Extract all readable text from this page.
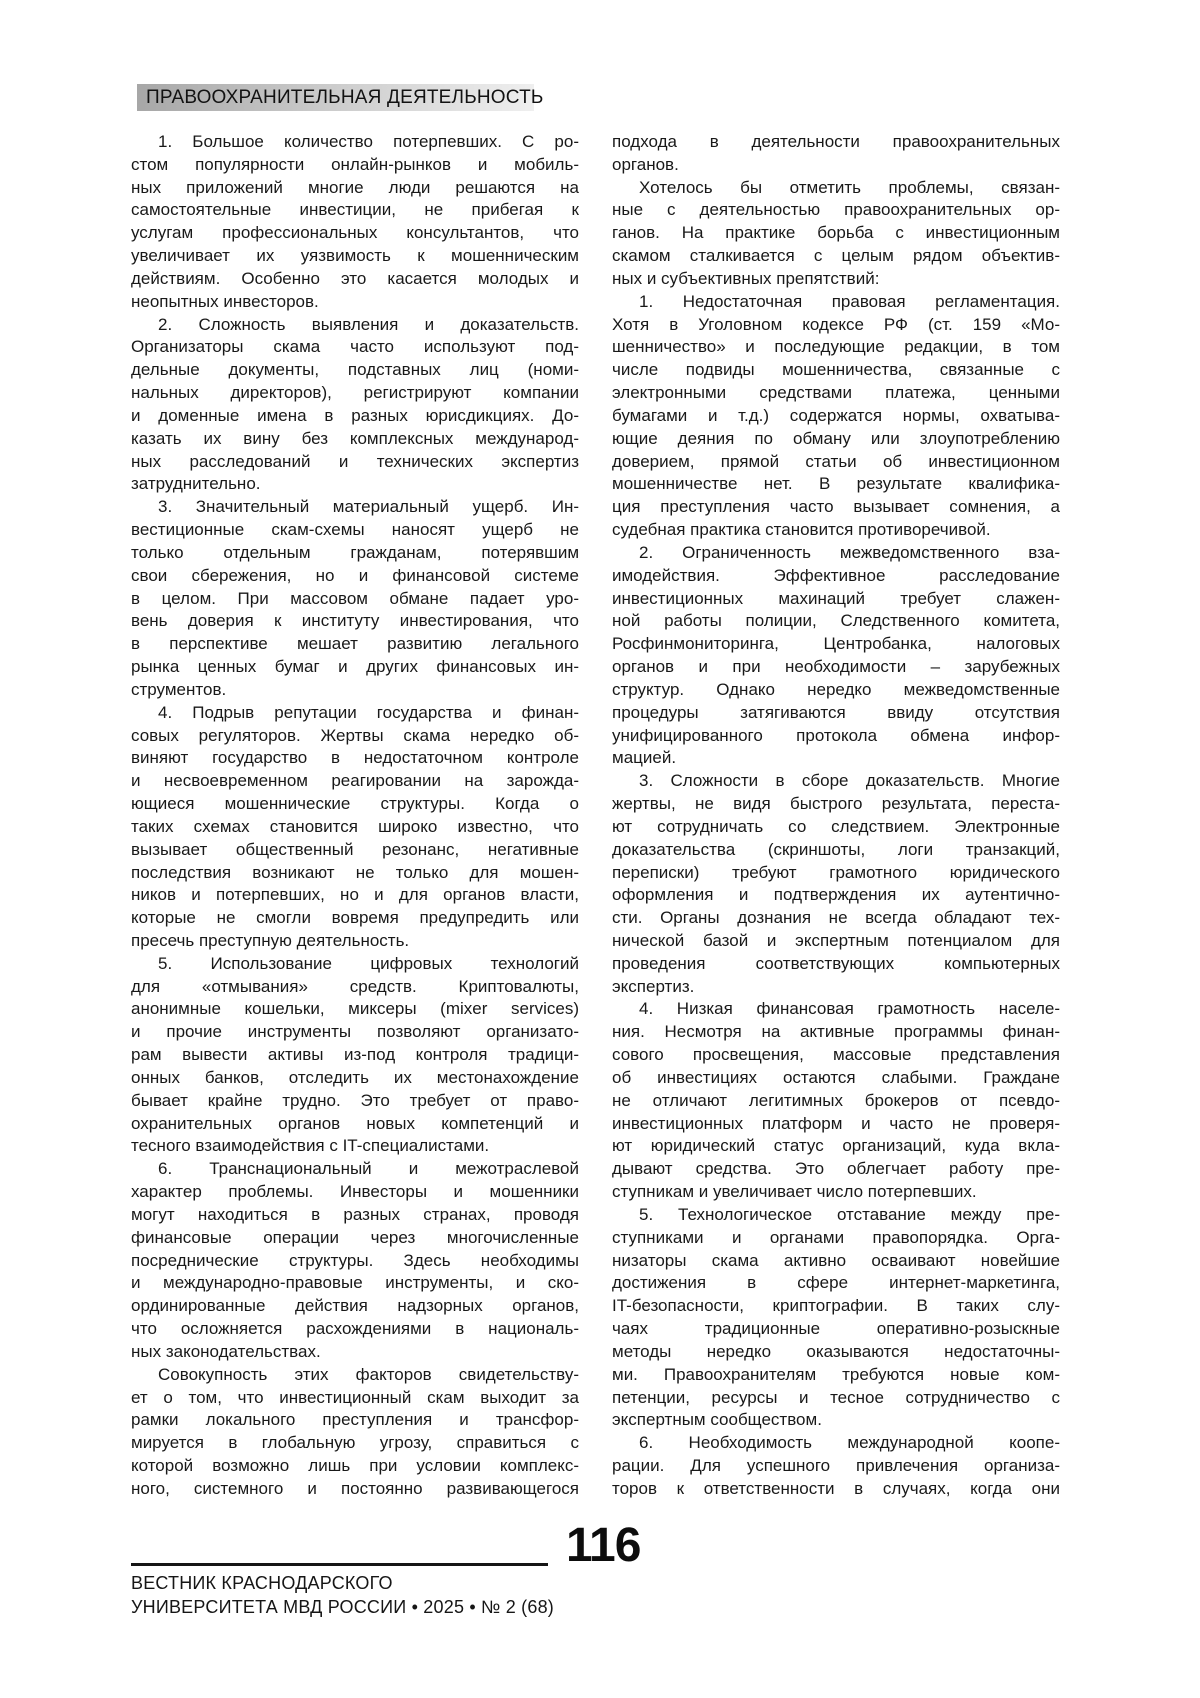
ПРАВООХРАНИТЕЛЬНАЯ ДЕЯТЕЛЬНОСТЬ
1. Большое количество потерпевших. С ро-
стом популярности онлайн-рынков и мобиль-
ных приложений многие люди решаются на
самостоятельные инвестиции, не прибегая к
услугам профессиональных консультантов, что
увеличивает их уязвимость к мошенническим
действиям. Особенно это касается молодых и
неопытных инвесторов.
2. Сложность выявления и доказательств.
Организаторы скама часто используют под-
дельные документы, подставных лиц (номи-
нальных директоров), регистрируют компании
и доменные имена в разных юрисдикциях. До-
казать их вину без комплексных международ-
ных расследований и технических экспертиз
затруднительно.
3. Значительный материальный ущерб. Ин-
вестиционные скам-схемы наносят ущерб не
только отдельным гражданам, потерявшим
свои сбережения, но и финансовой системе
в целом. При массовом обмане падает уро-
вень доверия к институту инвестирования, что
в перспективе мешает развитию легального
рынка ценных бумаг и других финансовых ин-
струментов.
4. Подрыв репутации государства и финан-
совых регуляторов. Жертвы скама нередко об-
виняют государство в недостаточном контроле
и несвоевременном реагировании на зарожда-
ющиеся мошеннические структуры. Когда о
таких схемах становится широко известно, что
вызывает общественный резонанс, негативные
последствия возникают не только для мошен-
ников и потерпевших, но и для органов власти,
которые не смогли вовремя предупредить или
пресечь преступную деятельность.
5. Использование цифровых технологий
для «отмывания» средств. Криптовалюты,
анонимные кошельки, миксеры (mixer services)
и прочие инструменты позволяют организато-
рам вывести активы из-под контроля традици-
онных банков, отследить их местонахождение
бывает крайне трудно. Это требует от право-
охранительных органов новых компетенций и
тесного взаимодействия с IT-специалистами.
6. Транснациональный и межотраслевой
характер проблемы. Инвесторы и мошенники
могут находиться в разных странах, проводя
финансовые операции через многочисленные
посреднические структуры. Здесь необходимы
и международно-правовые инструменты, и ско-
ординированные действия надзорных органов,
что осложняется расхождениями в националь-
ных законодательствах.
Совокупность этих факторов свидетельству-
ет о том, что инвестиционный скам выходит за
рамки локального преступления и трансфор-
мируется в глобальную угрозу, справиться с
которой возможно лишь при условии комплекс-
ного, системного и постоянно развивающегося
подхода в деятельности правоохранительных
органов.
Хотелось бы отметить проблемы, связан-
ные с деятельностью правоохранительных ор-
ганов. На практике борьба с инвестиционным
скамом сталкивается с целым рядом объектив-
ных и субъективных препятствий:
1. Недостаточная правовая регламентация.
Хотя в Уголовном кодексе РФ (ст. 159 «Мо-
шенничество» и последующие редакции, в том
числе подвиды мошенничества, связанные с
электронными средствами платежа, ценными
бумагами и т.д.) содержатся нормы, охватыва-
ющие деяния по обману или злоупотреблению
доверием, прямой статьи об инвестиционном
мошенничестве нет. В результате квалифика-
ция преступления часто вызывает сомнения, а
судебная практика становится противоречивой.
2. Ограниченность межведомственного вза-
имодействия. Эффективное расследование
инвестиционных махинаций требует слажен-
ной работы полиции, Следственного комитета,
Росфинмониторинга, Центробанка, налоговых
органов и при необходимости – зарубежных
структур. Однако нередко межведомственные
процедуры затягиваются ввиду отсутствия
унифицированного протокола обмена инфор-
мацией.
3. Сложности в сборе доказательств. Многие
жертвы, не видя быстрого результата, переста-
ют сотрудничать со следствием. Электронные
доказательства (скриншоты, логи транзакций,
переписки) требуют грамотного юридического
оформления и подтверждения их аутентично-
сти. Органы дознания не всегда обладают тех-
нической базой и экспертным потенциалом для
проведения соответствующих компьютерных
экспертиз.
4. Низкая финансовая грамотность населе-
ния. Несмотря на активные программы финан-
сового просвещения, массовые представления
об инвестициях остаются слабыми. Граждане
не отличают легитимных брокеров от псевдо-
инвестиционных платформ и часто не проверя-
ют юридический статус организаций, куда вкла-
дывают средства. Это облегчает работу пре-
ступникам и увеличивает число потерпевших.
5. Технологическое отставание между пре-
ступниками и органами правопорядка. Орга-
низаторы скама активно осваивают новейшие
достижения в сфере интернет-маркетинга,
IT-безопасности, криптографии. В таких слу-
чаях традиционные оперативно-розыскные
методы нередко оказываются недостаточны-
ми. Правоохранителям требуются новые ком-
петенции, ресурсы и тесное сотрудничество с
экспертным сообществом.
6. Необходимость международной коопе-
рации. Для успешного привлечения организа-
торов к ответственности в случаях, когда они
116
ВЕСТНИК КРАСНОДАРСКОГО
УНИВЕРСИТЕТА МВД РОССИИ • 2025 • № 2 (68)
